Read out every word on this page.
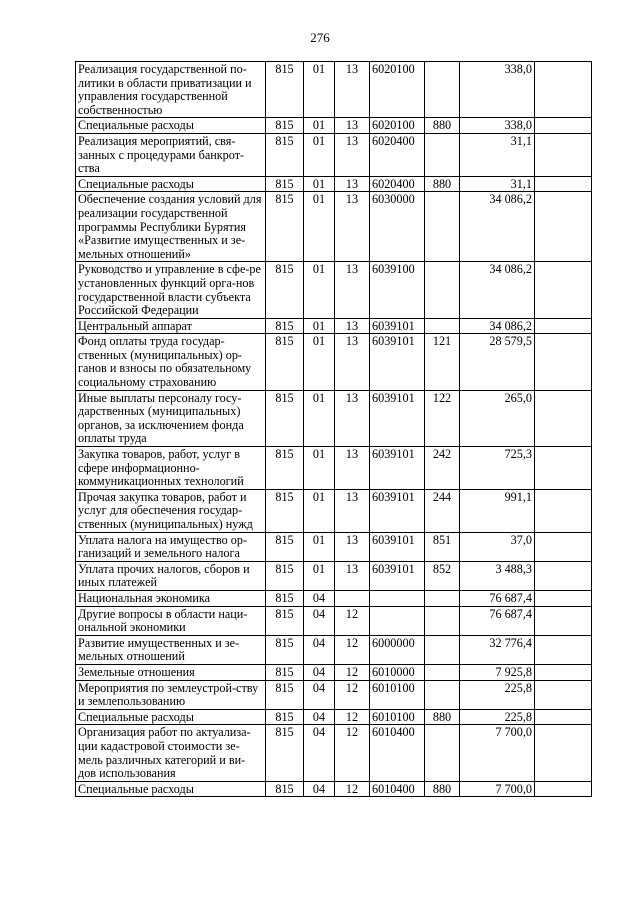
276
Реализация государственной по-литики в области приватизации и управления государственной собственностью	815	01	13	6020100		338,0	
Специальные расходы	815	01	13	6020100	880	338,0	
Реализация мероприятий, свя-занных с процедурами банкрот-ства	815	01	13	6020400		31,1	
Специальные расходы	815	01	13	6020400	880	31,1	
Обеспечение создания условий для реализации государственной программы Республики Бурятия «Развитие имущественных и зе-мельных отношений»	815	01	13	6030000		34 086,2	
Руководство и управление в сфе-ре установленных функций орга-нов государственной власти субъекта Российской Федерации	815	01	13	6039100		34 086,2	
Центральный аппарат	815	01	13	6039101		34 086,2	
Фонд оплаты труда государ-ственных (муниципальных) ор-ганов и взносы по обязательному социальному страхованию	815	01	13	6039101	121	28 579,5	
Иные выплаты персоналу госу-дарственных (муниципальных) органов, за исключением фонда оплаты труда	815	01	13	6039101	122	265,0	
Закупка товаров, работ, услуг в сфере информационно-коммуникационных технологий	815	01	13	6039101	242	725,3	
Прочая закупка товаров, работ и услуг для обеспечения государ-ственных (муниципальных) нужд	815	01	13	6039101	244	991,1	
Уплата налога на имущество ор-ганизаций и земельного налога	815	01	13	6039101	851	37,0	
Уплата прочих налогов, сборов и иных платежей	815	01	13	6039101	852	3 488,3	
Национальная экономика	815	04				76 687,4	
Другие вопросы в области наци-ональной экономики	815	04	12			76 687,4	
Развитие имущественных и зе-мельных отношений	815	04	12	6000000		32 776,4	
Земельные отношения	815	04	12	6010000		7 925,8	
Мероприятия по землеустрой-ству и землепользованию	815	04	12	6010100		225,8	
Специальные расходы	815	04	12	6010100	880	225,8	
Организация работ по актуализа-ции кадастровой стоимости зе-мель различных категорий и ви-дов использования	815	04	12	6010400		7 700,0	
Специальные расходы	815	04	12	6010400	880	7 700,0	
